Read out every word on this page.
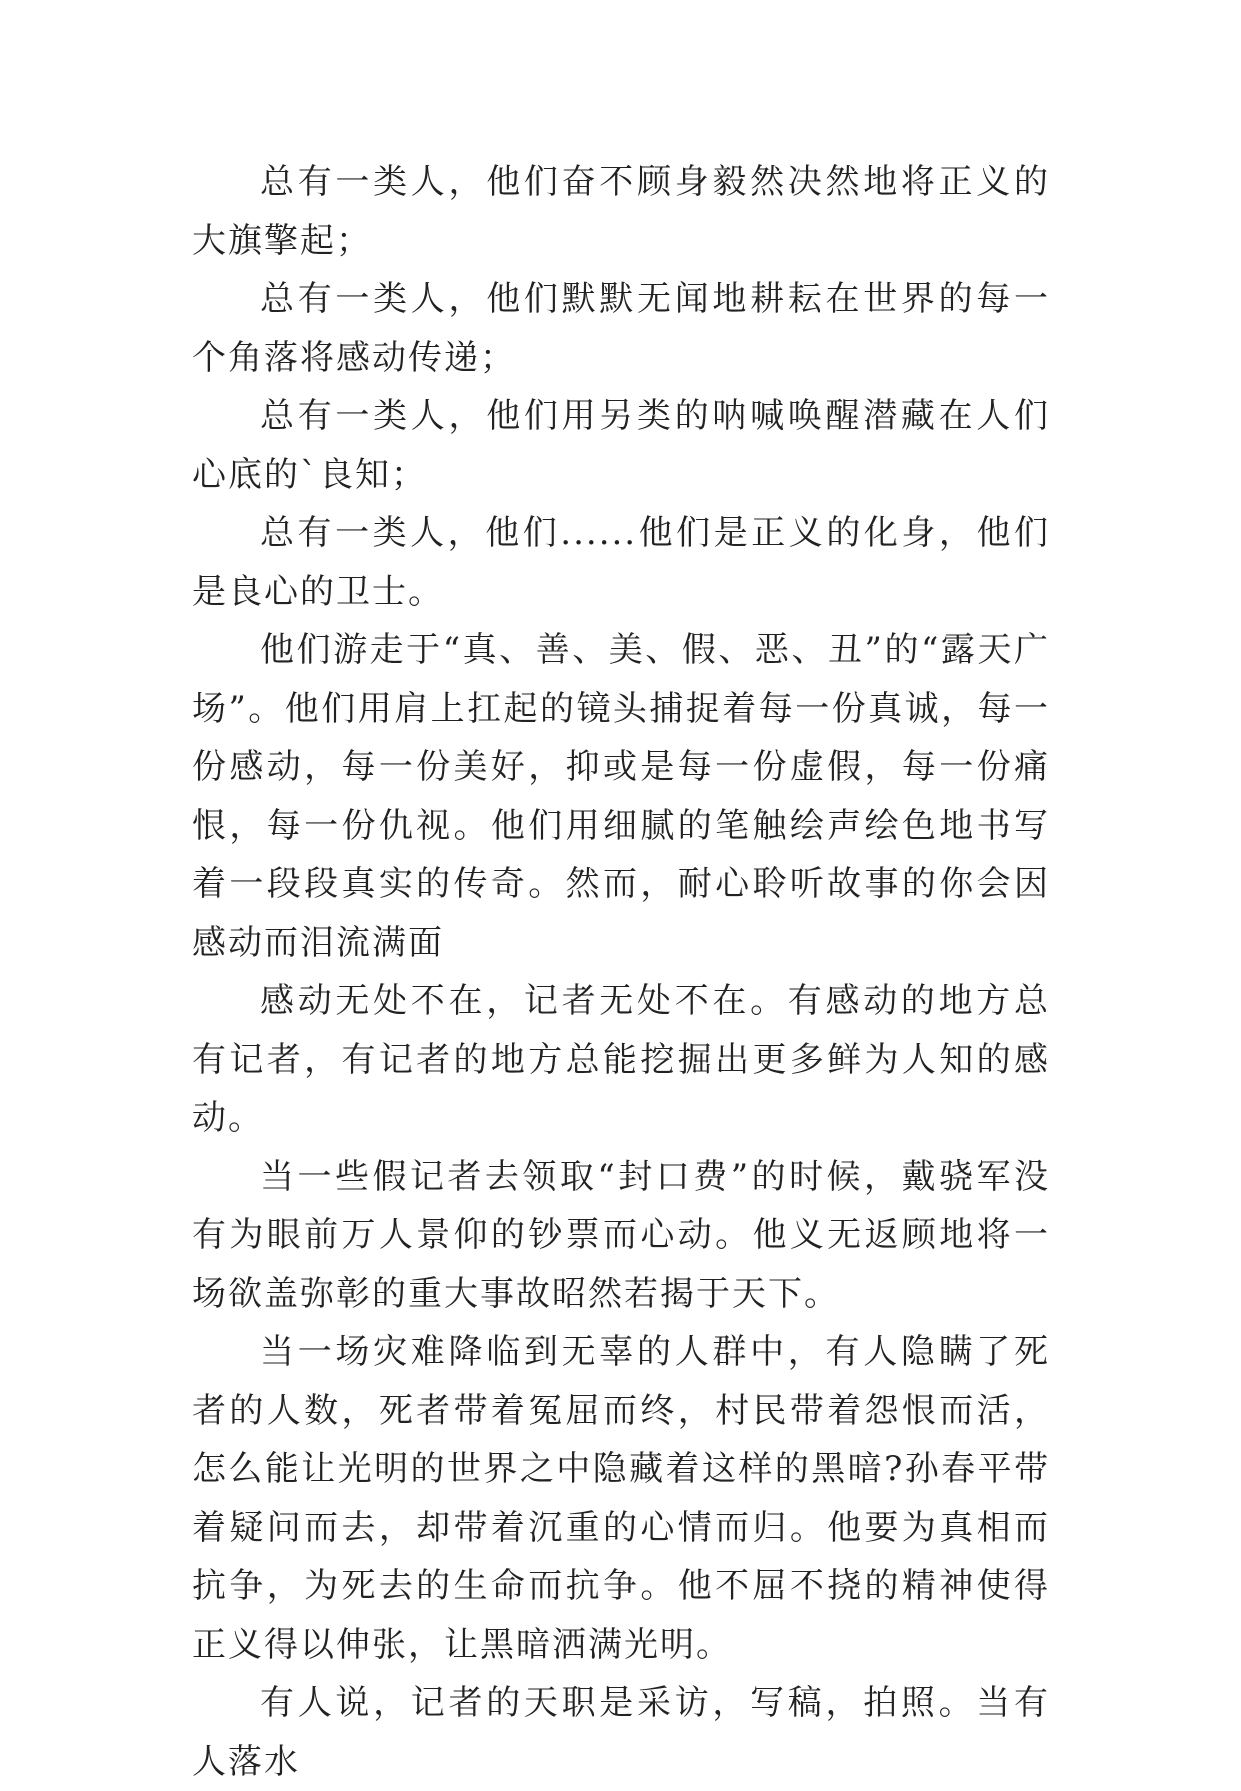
总有一类人，他们奋不顾身毅然决然地将正义的大旗擎起；

总有一类人，他们默默无闻地耕耘在世界的每一个角落将感动传递；

总有一类人，他们用另类的呐喊唤醒潜藏在人们心底的`良知；

总有一类人，他们......他们是正义的化身，他们是良心的卫士。

他们游走于“真、善、美、假、恶、丑”的“露天广场”。他们用肩上扛起的镜头捕捉着每一份真诚，每一份感动，每一份美好，抑或是每一份虚假，每一份痛恨，每一份仇视。他们用细腻的笔触绘声绘色地书写着一段段真实的传奇。然而，耐心聆听故事的你会因感动而泪流满面

感动无处不在，记者无处不在。有感动的地方总有记者，有记者的地方总能挖掘出更多鲜为人知的感动。

当一些假记者去领取“封口费”的时候，戴骁军没有为眼前万人景仰的钞票而心动。他义无返顾地将一场欲盖弥彰的重大事故昭然若揭于天下。

当一场灾难降临到无辜的人群中，有人隐瞒了死者的人数，死者带着冤屈而终，村民带着怨恨而活，怎么能让光明的世界之中隐藏着这样的黑暗?孙春平带着疑问而去，却带着沉重的心情而归。他要为真相而抗争，为死去的生命而抗争。他不屈不挠的精神使得正义得以伸张，让黑暗洒满光明。

有人说，记者的天职是采访，写稿，拍照。当有人落水
